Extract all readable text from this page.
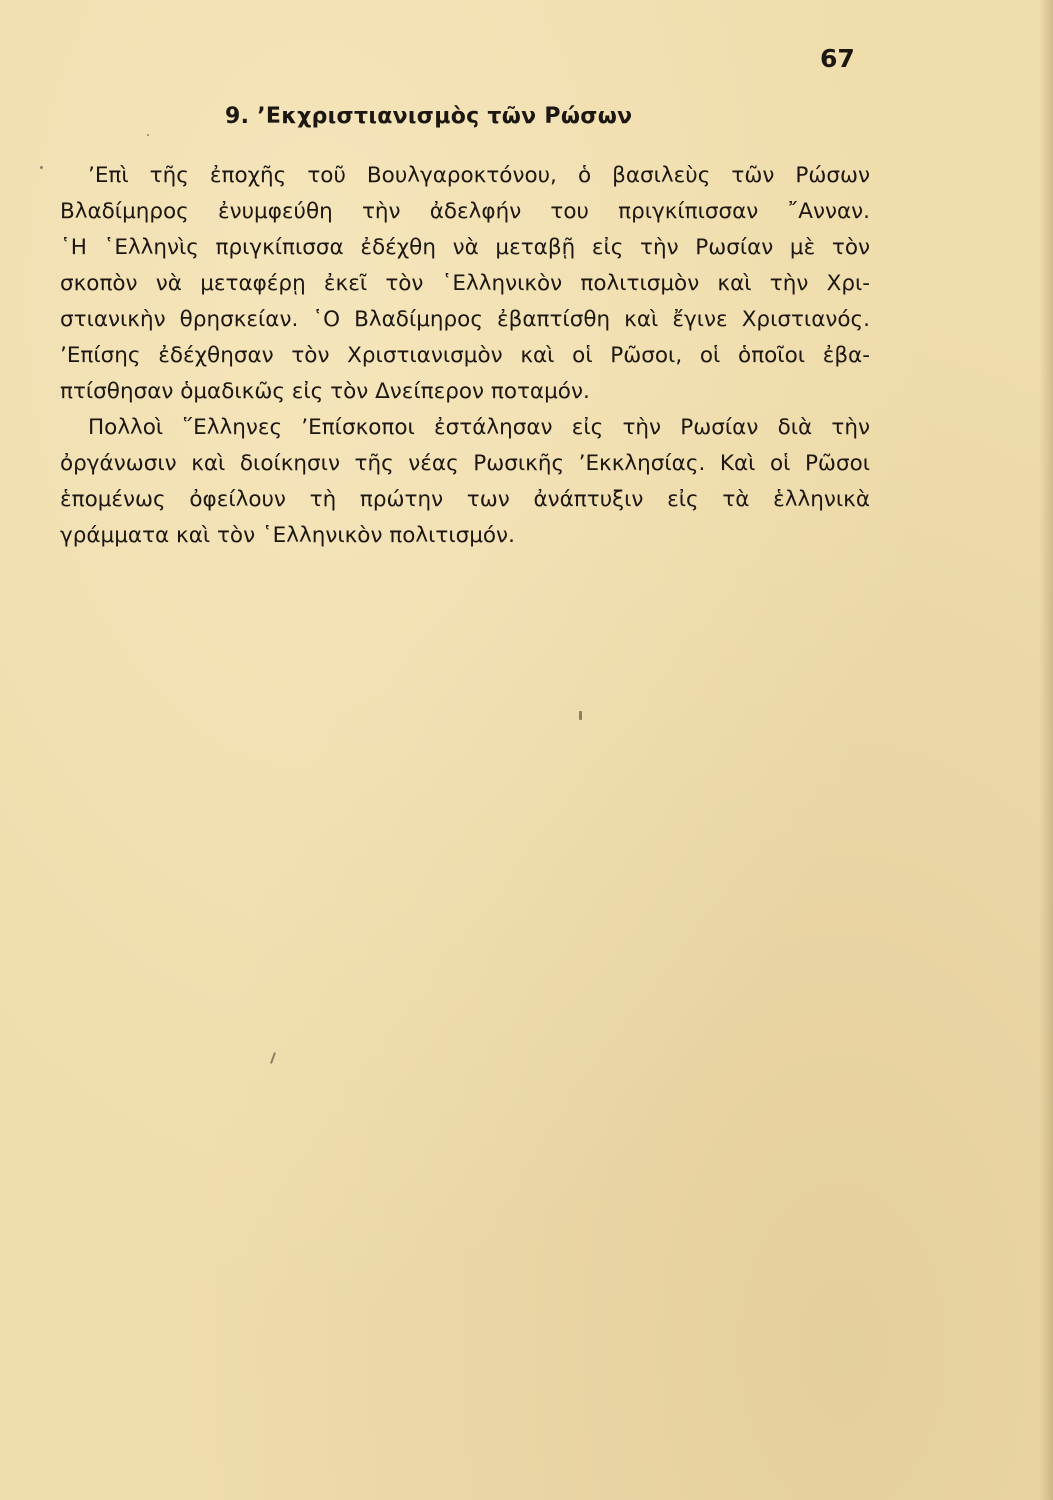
67
9. ’Εκχριστιανισμὸς τῶν Ρώσων
’Επὶ τῆς ἐποχῆς τοῦ Βουλγαροκτόνου, ὁ βασιλεὺς τῶν Ρώσων
Βλαδίμηρος ἐνυμφεύθη τὴν ἀδελφήν του πριγκίπισσαν ῎Ανναν.
῾Η ῾Ελληνὶς πριγκίπισσα ἐδέχθη νὰ μεταβῇ εἰς τὴν Ρωσίαν μὲ τὸν
σκοπὸν νὰ μεταφέρῃ ἐκεῖ τὸν ῾Ελληνικὸν πολιτισμὸν καὶ τὴν Χρι-
στιανικὴν θρησκείαν. ῾Ο Βλαδίμηρος ἐβαπτίσθη καὶ ἔγινε Χριστιανός.
’Επίσης ἐδέχθησαν τὸν Χριστιανισμὸν καὶ οἱ Ρῶσοι, οἱ ὁποῖοι ἐβα-
πτίσθησαν ὁμαδικῶς εἰς τὸν Δνείπερον ποταμόν.
Πολλοὶ ῞Ελληνες ’Επίσκοποι ἐστάλησαν εἰς τὴν Ρωσίαν διὰ τὴν
ὀργάνωσιν καὶ διοίκησιν τῆς νέας Ρωσικῆς ’Εκκλησίας. Καὶ οἱ Ρῶσοι
ἑπομένως ὀφείλουν τὴ πρώτην των ἀνάπτυξιν εἰς τὰ ἑλληνικὰ
γράμματα καὶ τὸν ῾Ελληνικὸν πολιτισμόν.
